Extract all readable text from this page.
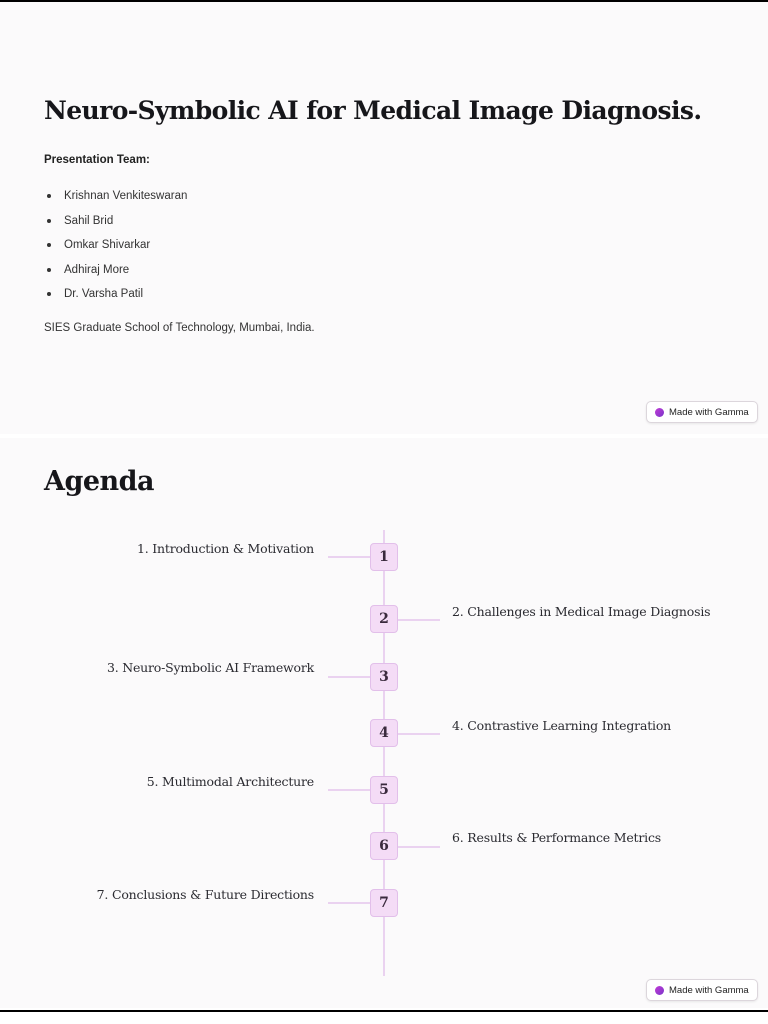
Neuro-Symbolic AI for Medical Image Diagnosis.
Presentation Team:
Krishnan Venkiteswaran
Sahil Brid
Omkar Shivarkar
Adhiraj More
Dr. Varsha Patil
SIES Graduate School of Technology, Mumbai, India.
Made with Gamma
Agenda
1
1. Introduction & Motivation
2	2. Challenges in Medical Image Diagnosis
3
3. Neuro-Symbolic AI Framework
4	4. Contrastive Learning Integration
5
5. Multimodal Architecture
6
6. Results & Performance Metrics
7
7. Conclusions & Future Directions
Made with Gamma
